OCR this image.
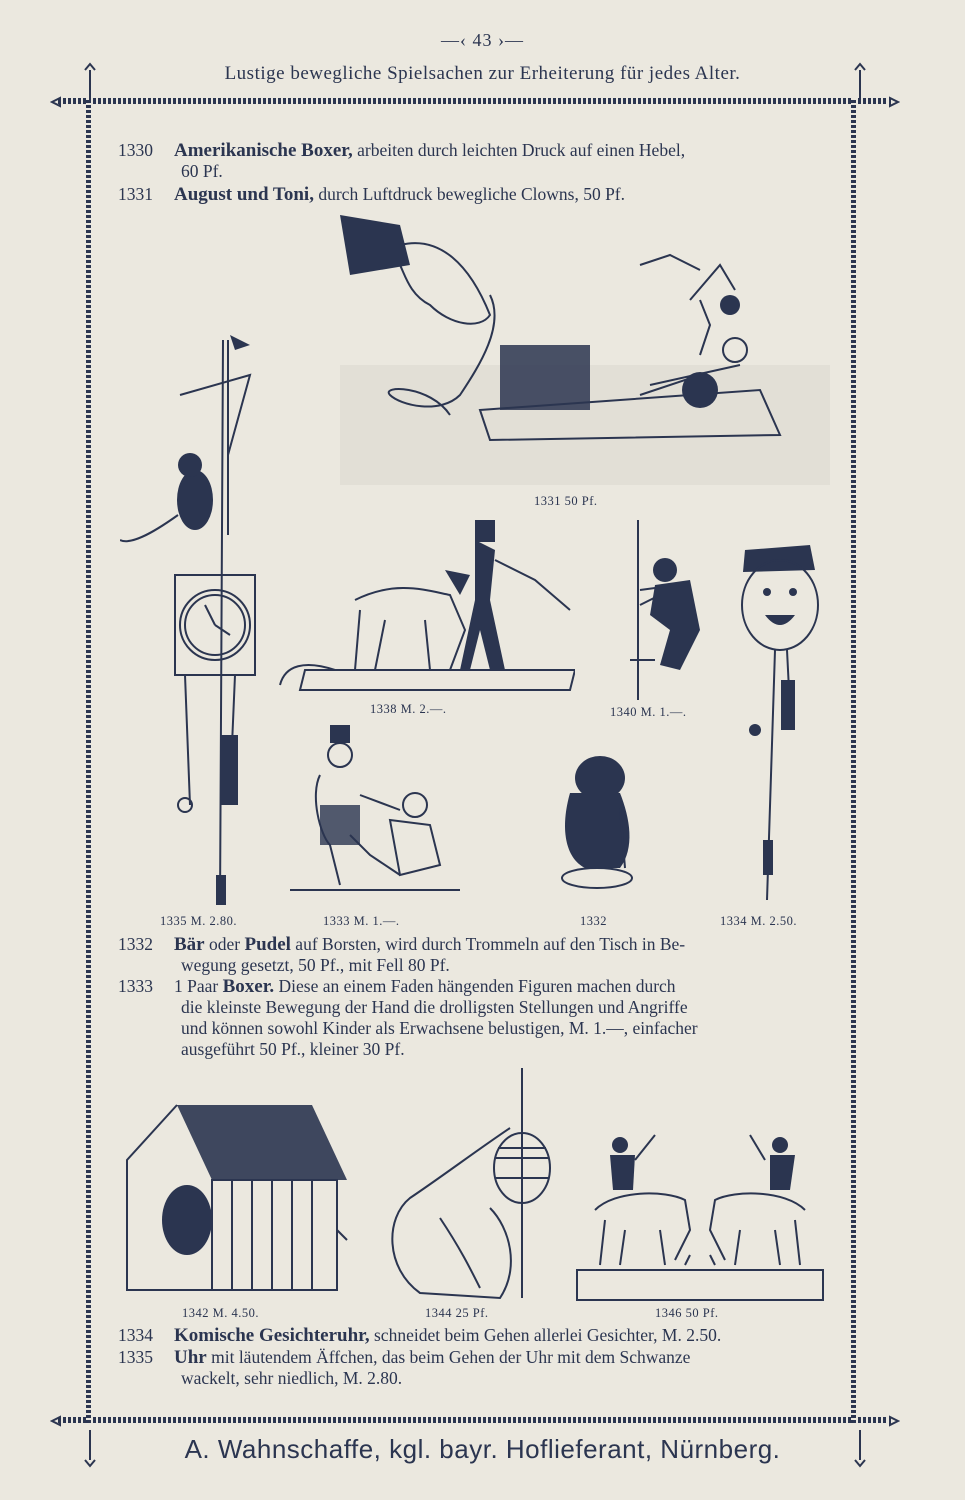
—‹ 43 ›—
Lustige bewegliche Spielsachen zur Erheiterung für jedes Alter.
1330 Amerikanische Boxer, arbeiten durch leichten Druck auf einen Hebel,
60 Pf.
1331 August und Toni, durch Luftdruck bewegliche Clowns, 50 Pf.
1331 50 Pf.
1338 M. 2.—.	1340 M. 1.—.
1335 M. 2.80.	1333 M. 1.—.	1332	1334 M. 2.50.
1332 Bär oder Pudel auf Borsten, wird durch Trommeln auf den Tisch in Be-
wegung gesetzt, 50 Pf., mit Fell 80 Pf.
1333 1 Paar Boxer. Diese an einem Faden hängenden Figuren machen durch
die kleinste Bewegung der Hand die drolligsten Stellungen und Angriffe
und können sowohl Kinder als Erwachsene belustigen, M. 1.—, einfacher
ausgeführt 50 Pf., kleiner 30 Pf.
1342 M. 4.50.	1344 25 Pf.	1346 50 Pf.
1334 Komische Gesichteruhr, schneidet beim Gehen allerlei Gesichter, M. 2.50.
1335 Uhr mit läutendem Äffchen, das beim Gehen der Uhr mit dem Schwanze
wackelt, sehr niedlich, M. 2.80.
A. Wahnschaffe, kgl. bayr. Hoflieferant, Nürnberg.
